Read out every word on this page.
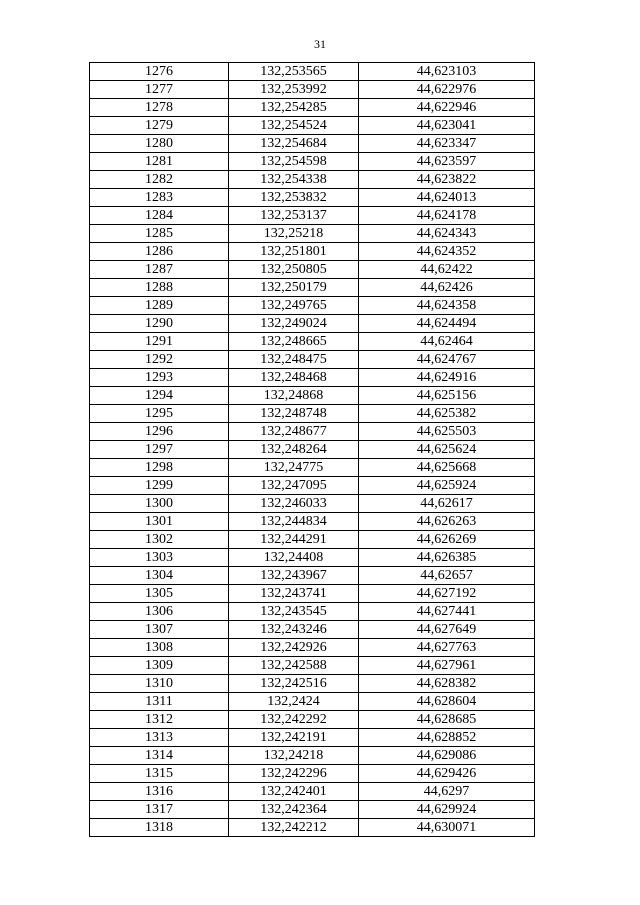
31
1276	132,253565	44,623103
1277	132,253992	44,622976
1278	132,254285	44,622946
1279	132,254524	44,623041
1280	132,254684	44,623347
1281	132,254598	44,623597
1282	132,254338	44,623822
1283	132,253832	44,624013
1284	132,253137	44,624178
1285	132,25218	44,624343
1286	132,251801	44,624352
1287	132,250805	44,62422
1288	132,250179	44,62426
1289	132,249765	44,624358
1290	132,249024	44,624494
1291	132,248665	44,62464
1292	132,248475	44,624767
1293	132,248468	44,624916
1294	132,24868	44,625156
1295	132,248748	44,625382
1296	132,248677	44,625503
1297	132,248264	44,625624
1298	132,24775	44,625668
1299	132,247095	44,625924
1300	132,246033	44,62617
1301	132,244834	44,626263
1302	132,244291	44,626269
1303	132,24408	44,626385
1304	132,243967	44,62657
1305	132,243741	44,627192
1306	132,243545	44,627441
1307	132,243246	44,627649
1308	132,242926	44,627763
1309	132,242588	44,627961
1310	132,242516	44,628382
1311	132,2424	44,628604
1312	132,242292	44,628685
1313	132,242191	44,628852
1314	132,24218	44,629086
1315	132,242296	44,629426
1316	132,242401	44,6297
1317	132,242364	44,629924
1318	132,242212	44,630071
